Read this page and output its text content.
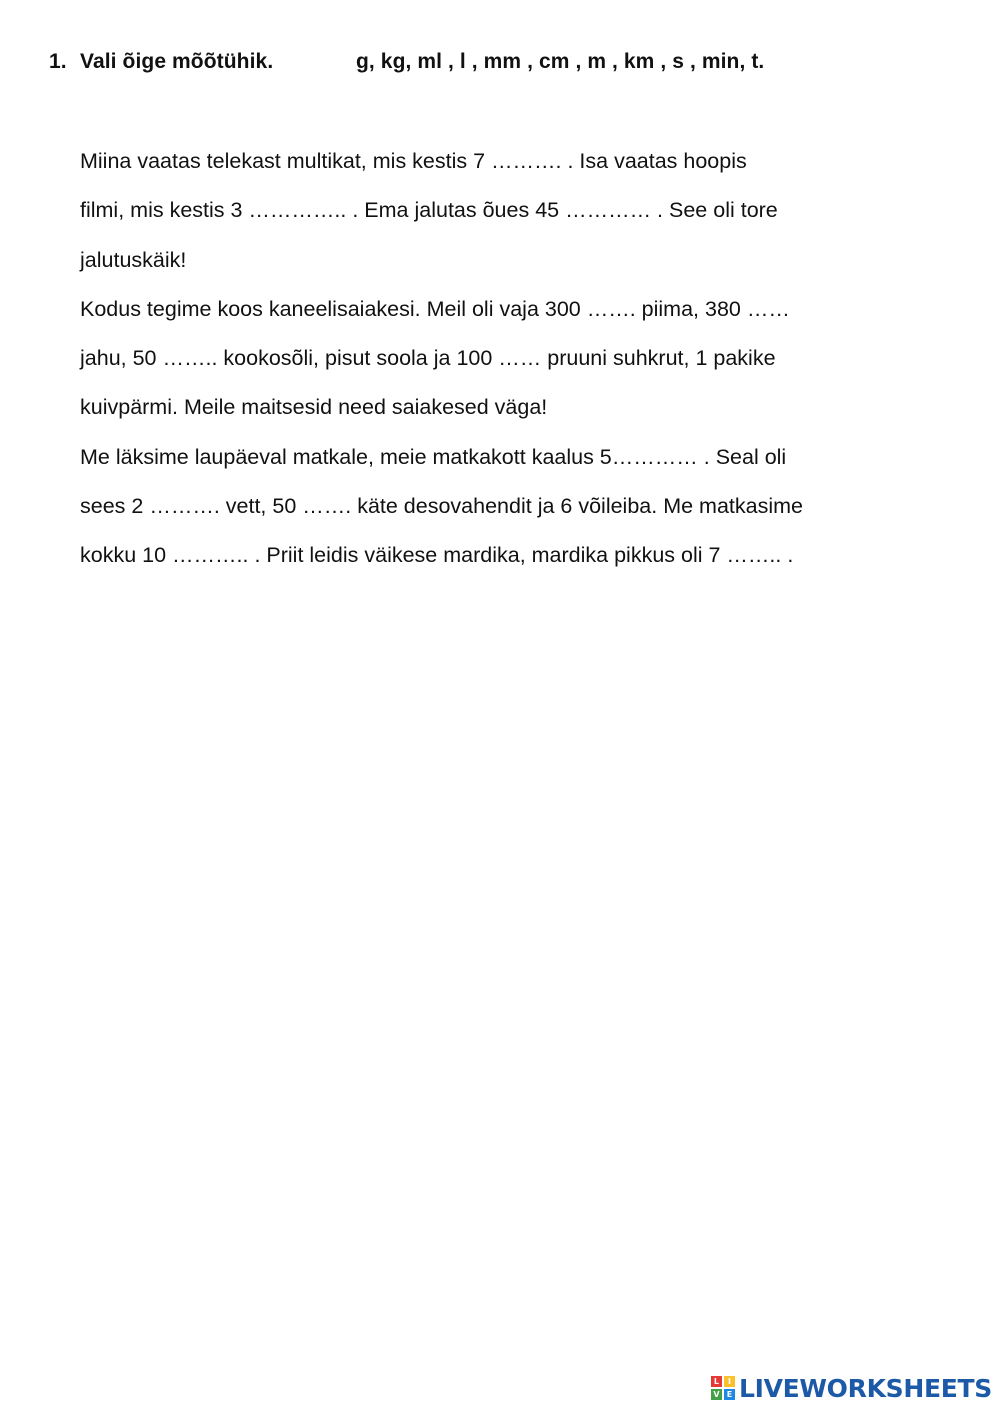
1. Vali õige mõõtühik.	g, kg, ml , l , mm , cm , m , km , s , min, t.
Miina vaatas telekast multikat, mis kestis 7 ………. . Isa vaatas hoopis
filmi, mis kestis 3 ………….. . Ema jalutas õues 45 ………… . See oli tore
jalutuskäik!
Kodus tegime koos kaneelisaiakesi. Meil oli vaja 300 ……. piima, 380 ……
jahu, 50 …….. kookosõli, pisut soola ja 100 …… pruuni suhkrut, 1 pakike
kuivpärmi. Meile maitsesid need saiakesed väga!
Me läksime laupäeval matkale, meie matkakott kaalus 5………… . Seal oli
sees 2 ………. vett, 50 ……. käte desovahendit ja 6 võileiba. Me matkasime
kokku 10 ……….. . Priit leidis väikese mardika, mardika pikkus oli 7 …….. .
L	I
V E LIVEWORKSHEETS
